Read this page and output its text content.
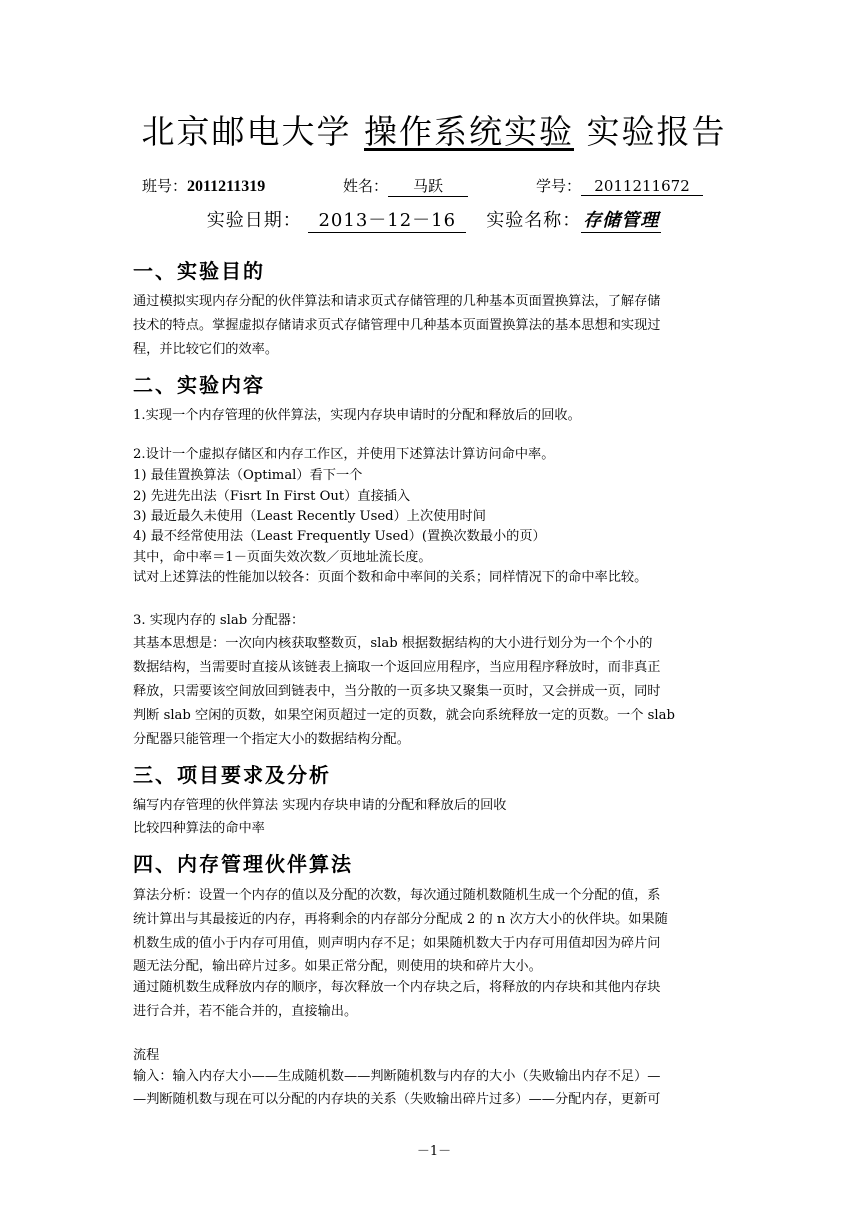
北京邮电大学 操作系统实验 实验报告
班号：2011211319	姓名： 马跃	学号： 2011211672
实验日期： 2013－12－16 实验名称： 存储管理
一、实验目的
通过模拟实现内存分配的伙伴算法和请求页式存储管理的几种基本页面置换算法，了解存储
技术的特点。掌握虚拟存储请求页式存储管理中几种基本页面置换算法的基本思想和实现过
程，并比较它们的效率。
二、实验内容
1.实现一个内存管理的伙伴算法，实现内存块申请时的分配和释放后的回收。
2.设计一个虚拟存储区和内存工作区，并使用下述算法计算访问命中率。
1) 最佳置换算法（Optimal）看下一个
2) 先进先出法（Fisrt In First Out）直接插入
3) 最近最久未使用（Least Recently Used）上次使用时间
4) 最不经常使用法（Least Frequently Used）(置换次数最小的页）
其中，命中率＝1－页面失效次数／页地址流长度。
试对上述算法的性能加以较各：页面个数和命中率间的关系；同样情况下的命中率比较。
3. 实现内存的 slab 分配器：
其基本思想是：一次向内核获取整数页，slab 根据数据结构的大小进行划分为一个个小的
数据结构，当需要时直接从该链表上摘取一个返回应用程序，当应用程序释放时，而非真正
释放，只需要该空间放回到链表中，当分散的一页多块又聚集一页时，又会拼成一页，同时
判断 slab 空闲的页数，如果空闲页超过一定的页数，就会向系统释放一定的页数。一个 slab
分配器只能管理一个指定大小的数据结构分配。
三、项目要求及分析
编写内存管理的伙伴算法 实现内存块申请的分配和释放后的回收
比较四种算法的命中率
四、内存管理伙伴算法
算法分析：设置一个内存的值以及分配的次数，每次通过随机数随机生成一个分配的值，系
统计算出与其最接近的内存，再将剩余的内存部分分配成 2 的 n 次方大小的伙伴块。如果随
机数生成的值小于内存可用值，则声明内存不足；如果随机数大于内存可用值却因为碎片问
题无法分配，输出碎片过多。如果正常分配，则使用的块和碎片大小。
通过随机数生成释放内存的顺序，每次释放一个内存块之后，将释放的内存块和其他内存块
进行合并，若不能合并的，直接输出。
流程
输入：输入内存大小——生成随机数——判断随机数与内存的大小（失败输出内存不足）—
—判断随机数与现在可以分配的内存块的关系（失败输出碎片过多）——分配内存，更新可
－1－
